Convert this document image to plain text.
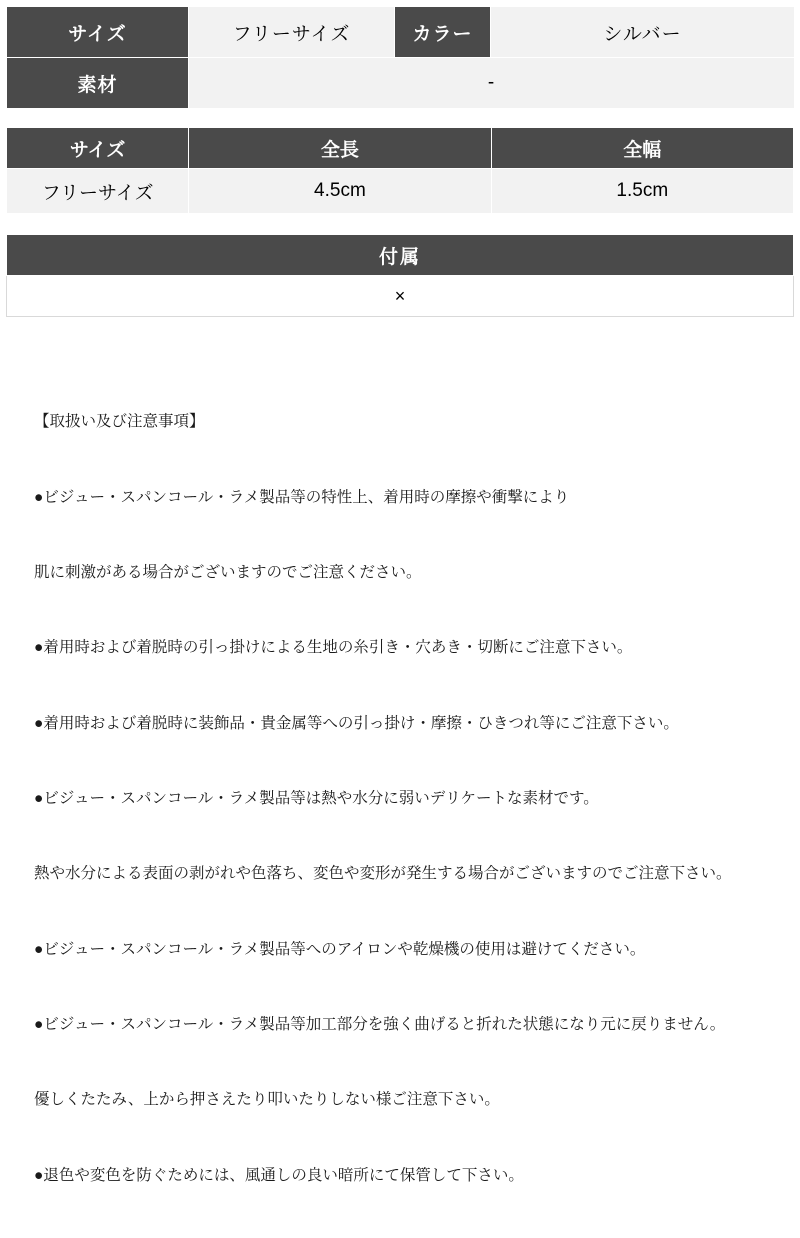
サイズ	フリーサイズ	カラー	シルバー
素材	-		
サイズ	全長	全幅
フリーサイズ	4.5cm	1.5cm
付属
×

【取扱い及び注意事項】

●ビジュー・スパンコール・ラメ製品等の特性上、着用時の摩擦や衝撃により

肌に刺激がある場合がございますのでご注意ください。

●着用時および着脱時の引っ掛けによる生地の糸引き・穴あき・切断にご注意下さい。

●着用時および着脱時に装飾品・貴金属等への引っ掛け・摩擦・ひきつれ等にご注意下さい。

●ビジュー・スパンコール・ラメ製品等は熱や水分に弱いデリケートな素材です。

熱や水分による表面の剥がれや色落ち、変色や変形が発生する場合がございますのでご注意下さい。

●ビジュー・スパンコール・ラメ製品等へのアイロンや乾燥機の使用は避けてください。

●ビジュー・スパンコール・ラメ製品等加工部分を強く曲げると折れた状態になり元に戻りません。

優しくたたみ、上から押さえたり叩いたりしない様ご注意下さい。

●退色や変色を防ぐためには、風通しの良い暗所にて保管して下さい。
